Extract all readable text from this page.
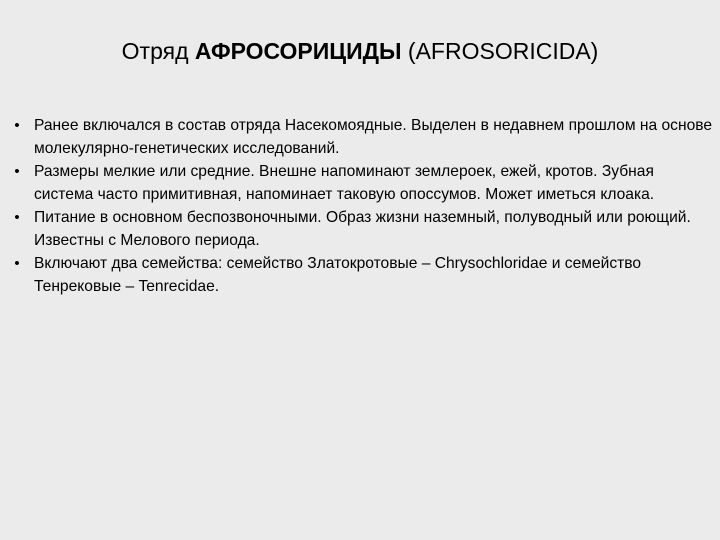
Отряд АФРОСОРИЦИДЫ (AFROSORICIDA)
• Ранее включался в состав отряда Насекомоядные. Выделен в недавнем прошлом на основе молекулярно-генетических исследований.
• Размеры мелкие или средние. Внешне напоминают землероек, ежей, кротов. Зубная система часто примитивная, напоминает таковую опоссумов. Может иметься клоака.
• Питание в основном беспозвоночными. Образ жизни наземный, полуводный или роющий. Известны с Мелового периода.
• Включают два семейства: семейство Златокротовые – Chrysochloridae и семейство Тенрековые – Tenrecidae.
